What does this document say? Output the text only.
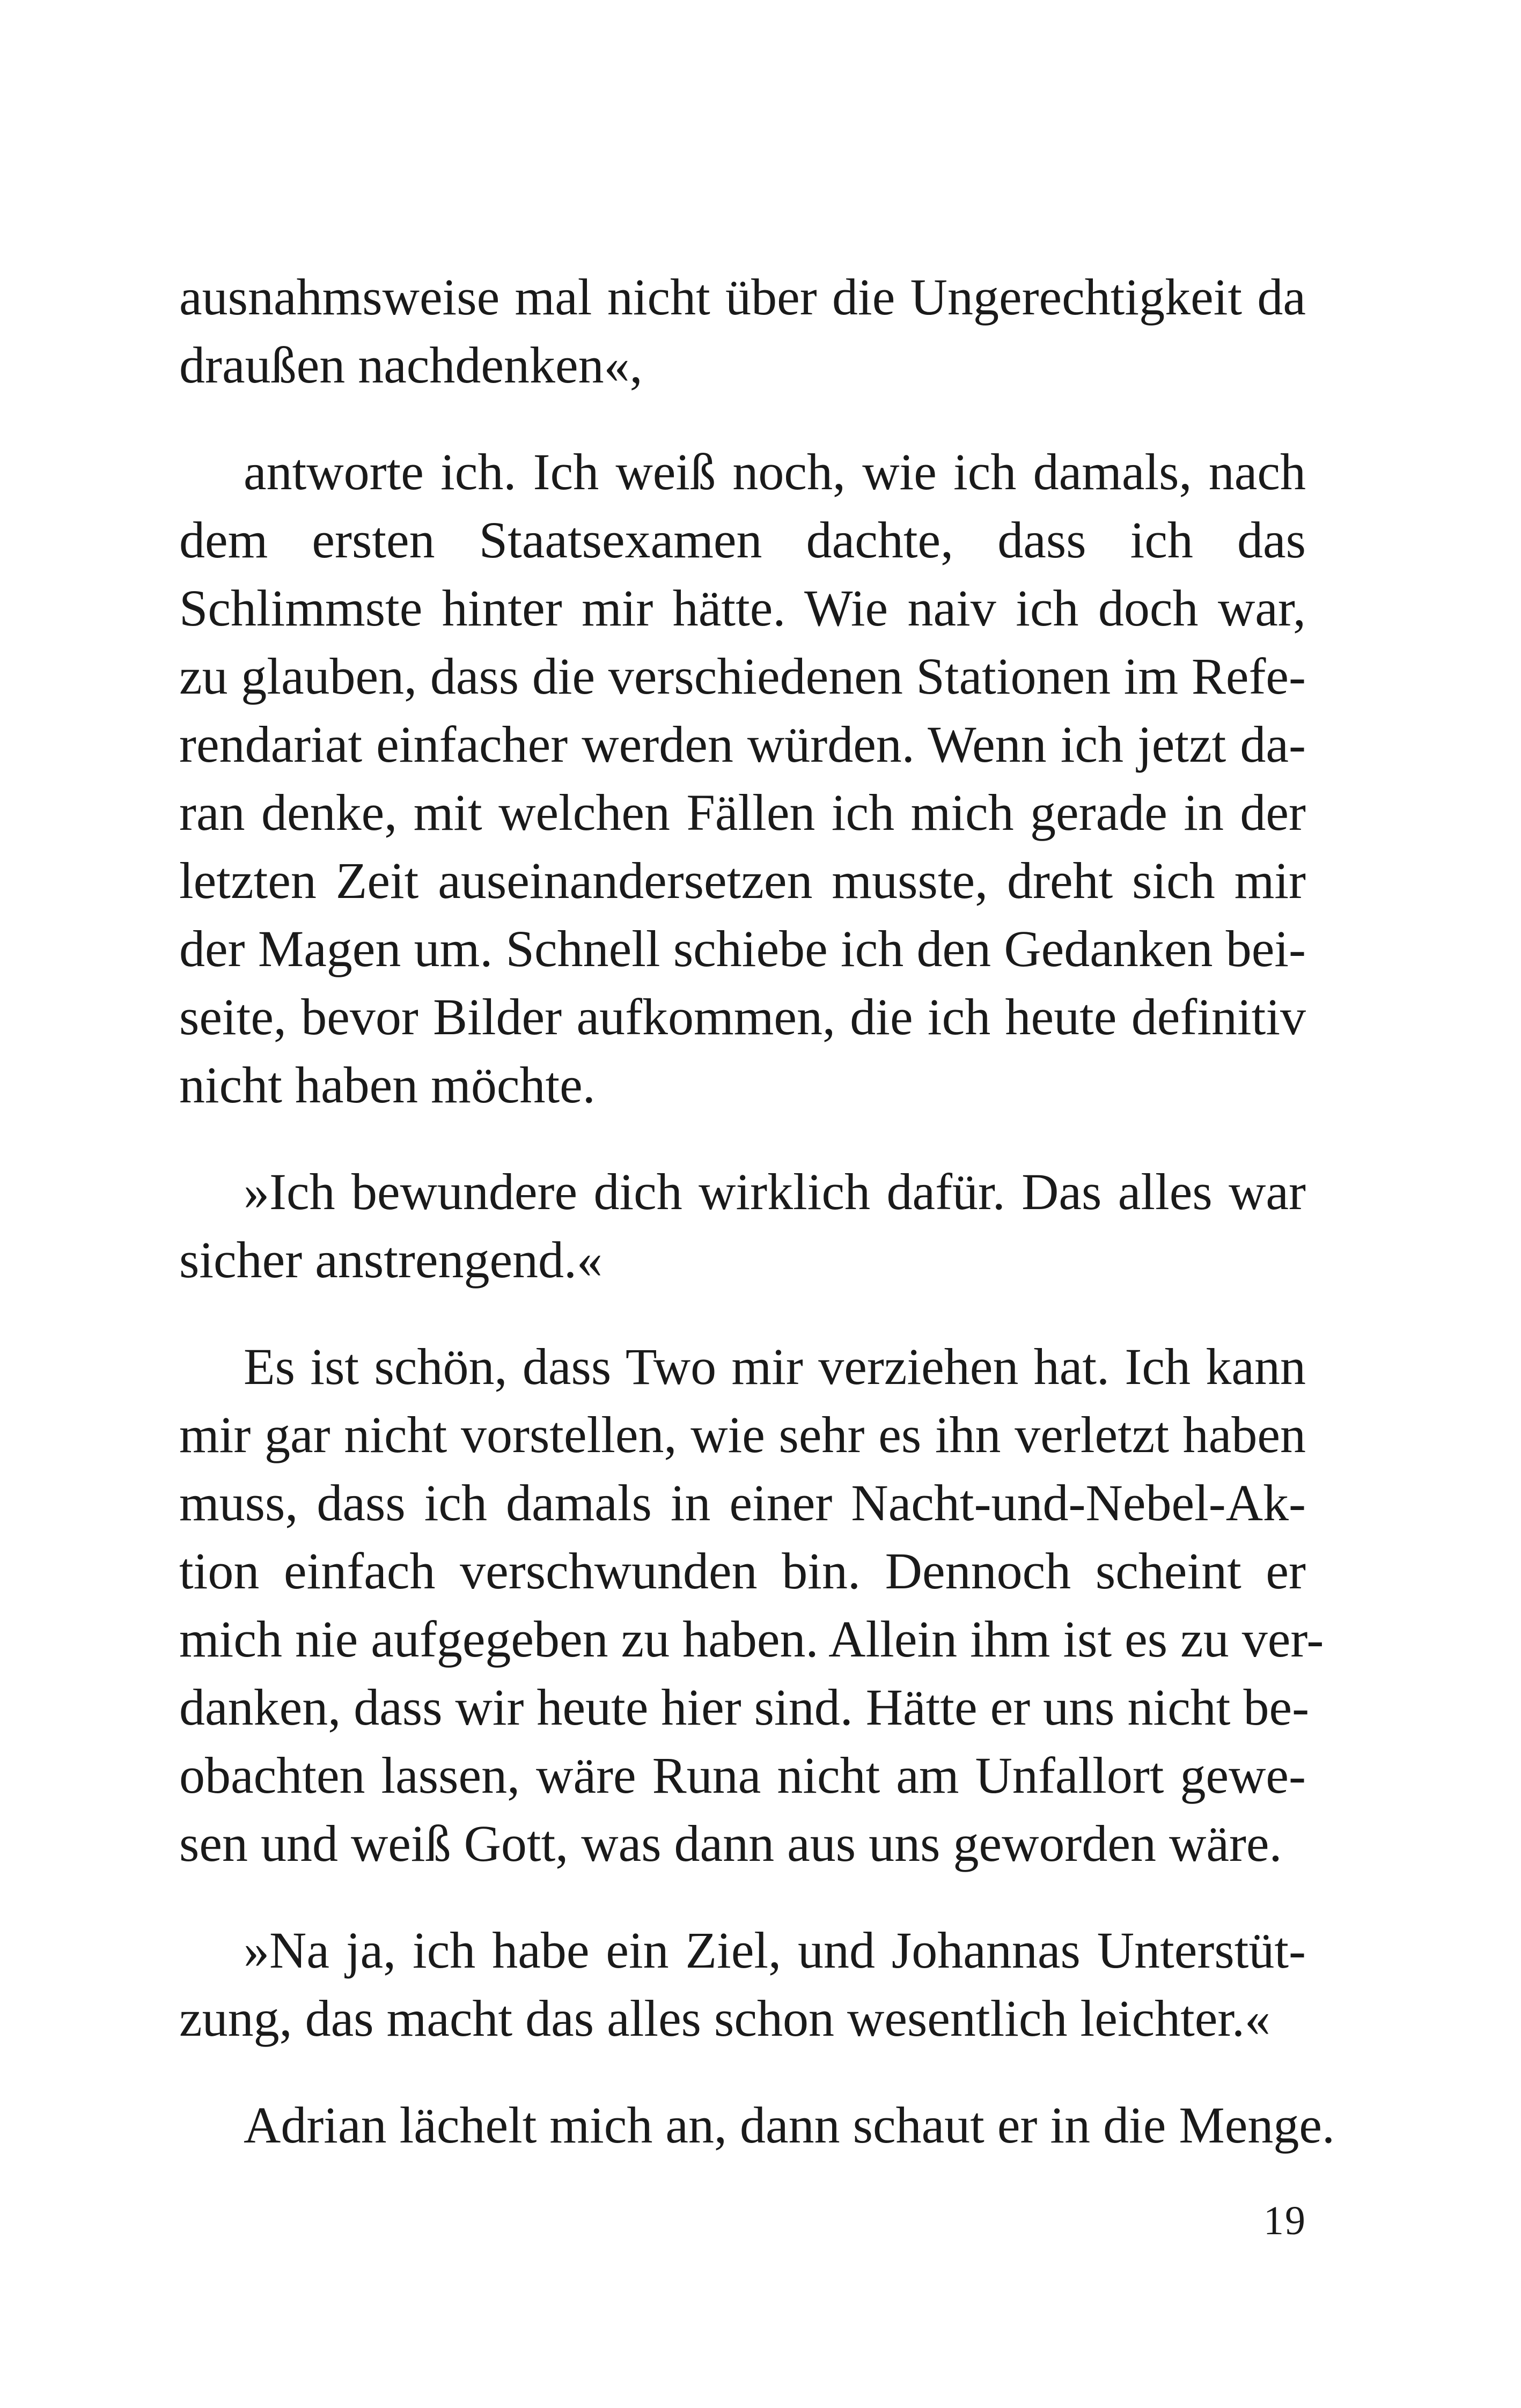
ausnahmsweise mal nicht über die Ungerechtigkeit da
draußen nachdenken«,
antworte ich. Ich weiß noch, wie ich damals, nach
dem ersten Staatsexamen dachte, dass ich das
Schlimmste hinter mir hätte. Wie naiv ich doch war,
zu glauben, dass die verschiedenen Stationen im Refe-
rendariat einfacher werden würden. Wenn ich jetzt da-
ran denke, mit welchen Fällen ich mich gerade in der
letzten Zeit auseinandersetzen musste, dreht sich mir
der Magen um. Schnell schiebe ich den Gedanken bei-
seite, bevor Bilder aufkommen, die ich heute definitiv
nicht haben möchte.
»Ich bewundere dich wirklich dafür. Das alles war
sicher anstrengend.«
Es ist schön, dass Two mir verziehen hat. Ich kann
mir gar nicht vorstellen, wie sehr es ihn verletzt haben
muss, dass ich damals in einer Nacht-und-Nebel-Ak-
tion einfach verschwunden bin. Dennoch scheint er
mich nie aufgegeben zu haben. Allein ihm ist es zu ver-
danken, dass wir heute hier sind. Hätte er uns nicht be-
obachten lassen, wäre Runa nicht am Unfallort gewe-
sen und weiß Gott, was dann aus uns geworden wäre.
»Na ja, ich habe ein Ziel, und Johannas Unterstüt-
zung, das macht das alles schon wesentlich leichter.«
Adrian lächelt mich an, dann schaut er in die Menge.
19
